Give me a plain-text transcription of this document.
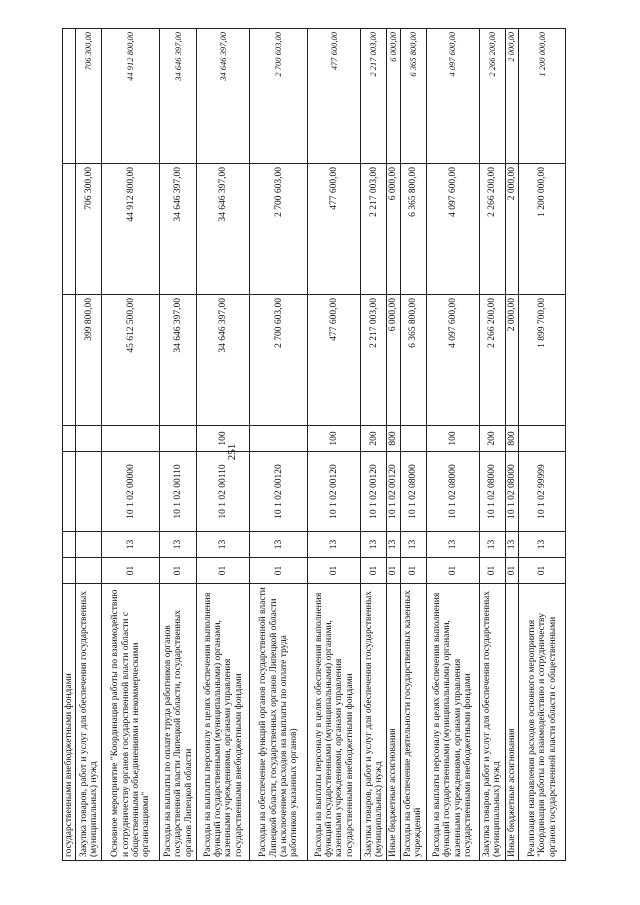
251
государственными внебюджетными фондами							
Закупка товаров, работ и услуг для обеспечения государственных (муниципальных) нужд					399 800,00	706 300,00	706 300,00
Основное мероприятие "Координация работы по взаимодействию и сотрудничеству органов государственной власти области с общественными объединениями и некоммерческими организациями"	01	13	10 1 02 00000		45 612 500,00	44 912 800,00	44 912 800,00
Расходы на выплаты по оплате труда работников органов государственной власти Липецкой области, государственных органов Липецкой области	01	13	10 1 02 00110		34 646 397,00	34 646 397,00	34 646 397,00
Расходы на выплаты персоналу в целях обеспечения выполнения функций государственными (муниципальными) органами, казенными учреждениями, органами управления государственными внебюджетными фондами	01	13	10 1 02 00110	100	34 646 397,00	34 646 397,00	34 646 397,00
Расходы на обеспечение функций органов государственной власти Липецкой области, государственных органов Липецкой области (за исключением расходов на выплаты по оплате труда работников указанных органов)	01	13	10 1 02 00120		2 700 603,00	2 700 603,00	2 700 603,00
Расходы на выплаты персоналу в целях обеспечения выполнения функций государственными (муниципальными) органами, казенными учреждениями, органами управления государственными внебюджетными фондами	01	13	10 1 02 00120	100	477 600,00	477 600,00	477 600,00
Закупка товаров, работ и услуг для обеспечения государственных (муниципальных) нужд	01	13	10 1 02 00120	200	2 217 003,00	2 217 003,00	2 217 003,00
Иные бюджетные ассигнования	01	13	10 1 02 00120	800	6 000,00	6 000,00	6 000,00
Расходы на обеспечение деятельности государственных казенных учреждений	01	13	10 1 02 08000		6 365 800,00	6 365 800,00	6 365 800,00
Расходы на выплаты персоналу в целях обеспечения выполнения функций государственными (муниципальными) органами, казенными учреждениями, органами управления государственными внебюджетными фондами	01	13	10 1 02 08000	100	4 097 600,00	4 097 600,00	4 097 600,00
Закупка товаров, работ и услуг для обеспечения государственных (муниципальных) нужд	01	13	10 1 02 08000	200	2 266 200,00	2 266 200,00	2 266 200,00
Иные бюджетные ассигнования	01	13	10 1 02 08000	800	2 000,00	2 000,00	2 000,00
Реализация направления расходов основного мероприятия "Координация работы по взаимодействию и сотрудничеству органов государственной власти области с общественными	01	13	10 1 02 99999		1 899 700,00	1 200 000,00	1 200 000,00
